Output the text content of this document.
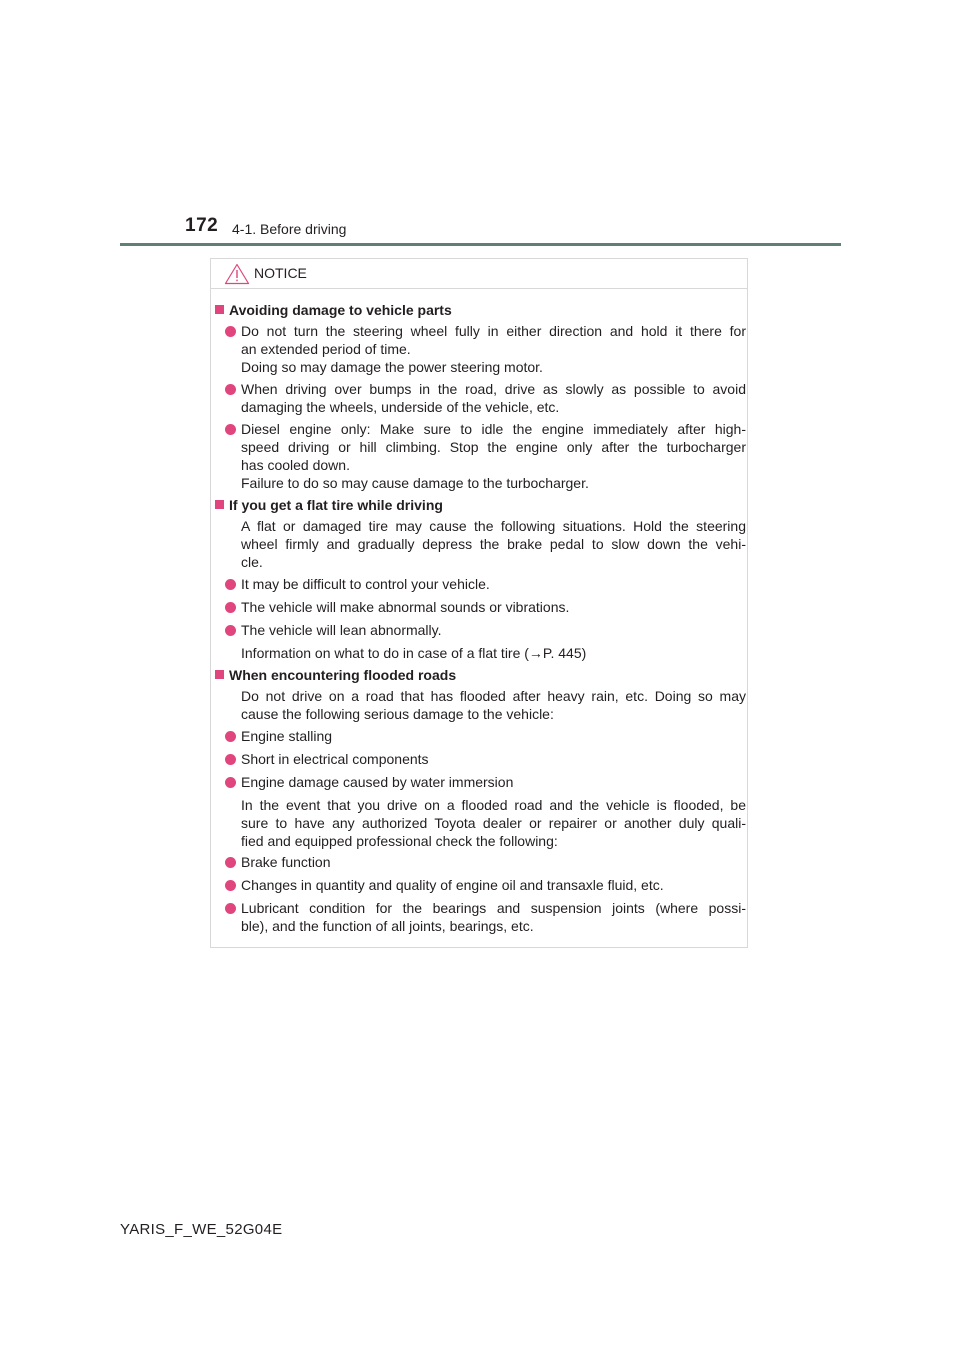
172 4-1. Before driving
NOTICE
Avoiding damage to vehicle parts
Do not turn the steering wheel fully in either direction and hold it there for
an extended period of time.
Doing so may damage the power steering motor.
When driving over bumps in the road, drive as slowly as possible to avoid
damaging the wheels, underside of the vehicle, etc.
Diesel engine only: Make sure to idle the engine immediately after high-
speed driving or hill climbing. Stop the engine only after the turbocharger
has cooled down.
Failure to do so may cause damage to the turbocharger.
If you get a flat tire while driving
A flat or damaged tire may cause the following situations. Hold the steering
wheel firmly and gradually depress the brake pedal to slow down the vehi-
cle.
It may be difficult to control your vehicle.
The vehicle will make abnormal sounds or vibrations.
The vehicle will lean abnormally.
Information on what to do in case of a flat tire (→P. 445)
When encountering flooded roads
Do not drive on a road that has flooded after heavy rain, etc. Doing so may
cause the following serious damage to the vehicle:
Engine stalling
Short in electrical components
Engine damage caused by water immersion
In the event that you drive on a flooded road and the vehicle is flooded, be
sure to have any authorized Toyota dealer or repairer or another duly quali-
fied and equipped professional check the following:
Brake function
Changes in quantity and quality of engine oil and transaxle fluid, etc.
Lubricant condition for the bearings and suspension joints (where possi-
ble), and the function of all joints, bearings, etc.
YARIS_F_WE_52G04E
